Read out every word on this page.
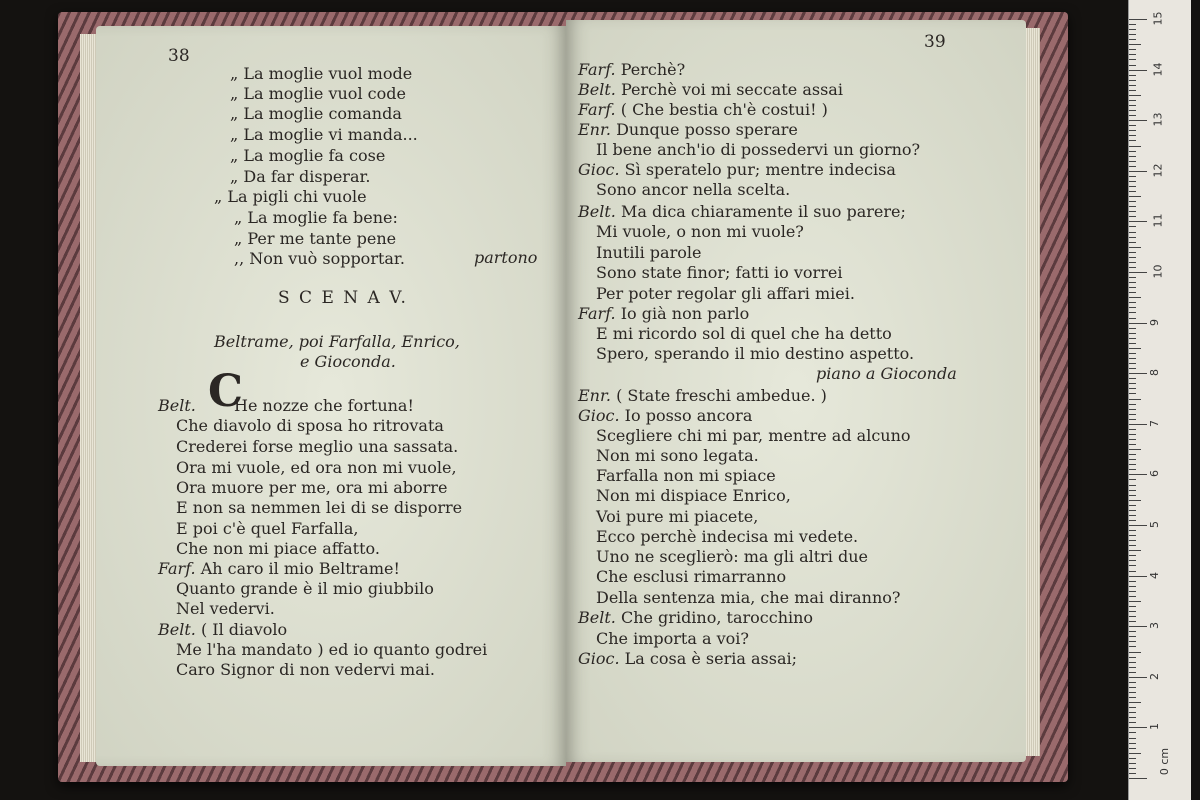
38
„ La moglie vuol mode
„ La moglie vuol code
„ La moglie comanda
„ La moglie vi manda...
„ La moglie fa cose
„ Da far disperar.
„ La pigli chi vuole
„ La moglie fa bene:
„ Per me tante pene
,, Non vuò sopportar.	partono
S C E N A V.
Beltrame, poi Farfalla, Enrico,
e Gioconda.
C
Belt. He nozze che fortuna!
Che diavolo di sposa ho ritrovata
Crederei forse meglio una sassata.
Ora mi vuole, ed ora non mi vuole,
Ora muore per me, ora mi aborre
E non sa nemmen lei di se disporre
E poi c'è quel Farfalla,
Che non mi piace affatto.
Farf. Ah caro il mio Beltrame!
Quanto grande è il mio giubbilo
Nel vedervi.
Belt. ( Il diavolo
Me l'ha mandato ) ed io quanto godrei
Caro Signor di non vedervi mai.
39
Farf. Perchè?
Belt. Perchè voi mi seccate assai
Farf. ( Che bestia ch'è costui! )
Enr. Dunque posso sperare
Il bene anch'io di possedervi un giorno?
Gioc. Sì speratelo pur; mentre indecisa
Sono ancor nella scelta.
Belt. Ma dica chiaramente il suo parere;
Mi vuole, o non mi vuole?
Inutili parole
Sono state finor; fatti io vorrei
Per poter regolar gli affari miei.
Farf. Io già non parlo
E mi ricordo sol di quel che ha detto
Spero, sperando il mio destino aspetto.
piano a Gioconda
Enr. ( State freschi ambedue. )
Gioc. Io posso ancora
Scegliere chi mi par, mentre ad alcuno
Non mi sono legata.
Farfalla non mi spiace
Non mi dispiace Enrico,
Voi pure mi piacete,
Ecco perchè indecisa mi vedete.
Uno ne sceglierò: ma gli altri due
Che esclusi rimarranno
Della sentenza mia, che mai diranno?
Belt. Che gridino, tarocchino
Che importa a voi?
Gioc. La cosa è seria assai;
0 cm
1
2
3
4
5
6
7
8
9
10
11
12
13
14
15
